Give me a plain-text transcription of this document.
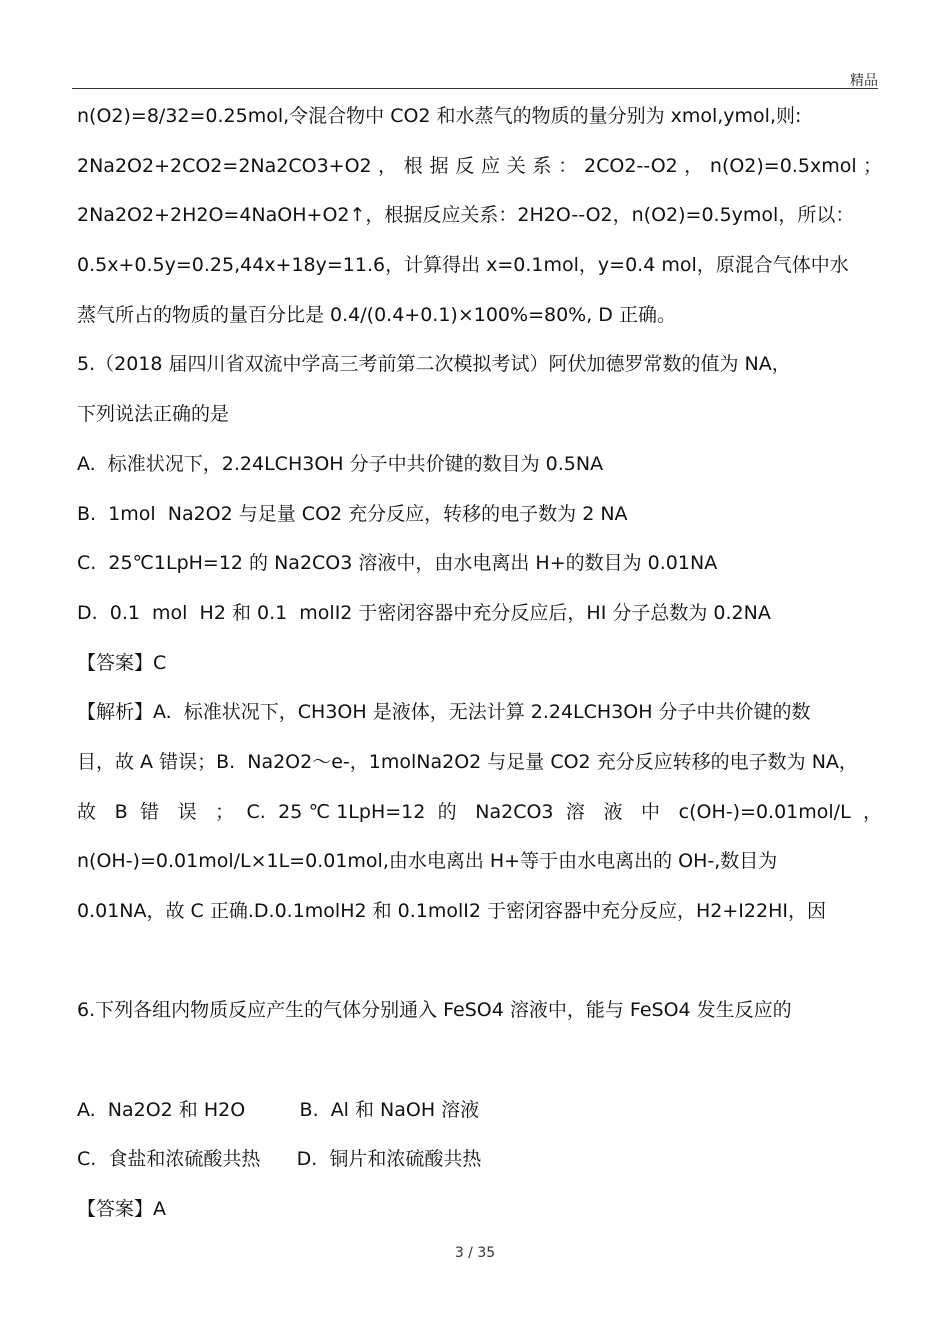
精品
n(O2)=8/32=0.25mol,令混合物中 CO2 和水蒸气的物质的量分别为 xmol,ymol,则:
2Na2O2+2CO2=2Na2CO3+O2 ， 根 据 反 应 关 系 ： 2CO2--O2 ， n(O2)=0.5xmol ；
2Na2O2+2H2O=4NaOH+O2↑，根据反应关系：2H2O--O2，n(O2)=0.5ymol，所以：
0.5x+0.5y=0.25,44x+18y=11.6，计算得出 x=0.1mol，y=0.4 mol，原混合气体中水
蒸气所占的物质的量百分比是 0.4/(0.4+0.1)×100%=80%, D 正确。
5.（2018 届四川省双流中学高三考前第二次模拟考试）阿伏加德罗常数的值为 NA，
下列说法正确的是
A.  标准状况下，2.24LCH3OH 分子中共价键的数目为 0.5NA
B.  1mol  Na2O2 与足量 CO2 充分反应，转移的电子数为 2 NA
C.  25℃1LpH=12 的 Na2CO3 溶液中，由水电离出 H+的数目为 0.01NA
D.  0.1  mol  H2 和 0.1  molI2 于密闭容器中充分反应后，HI 分子总数为 0.2NA
【答案】C
【解析】A.  标准状况下，CH3OH 是液体，无法计算 2.24LCH3OH 分子中共价键的数
目，故 A 错误；B.  Na2O2～e-，1molNa2O2 与足量 CO2 充分反应转移的电子数为 NA，
故 B 错 误 ； C. 25℃1LpH=12 的 Na2CO3 溶 液 中 c(OH-)=0.01mol/L ，
n(OH-)=0.01mol/L×1L=0.01mol,由水电离出 H+等于由水电离出的 OH-,数目为
0.01NA，故 C 正确.D.0.1molH2 和 0.1molI2 于密闭容器中充分反应，H2+I22HI，因

6.下列各组内物质反应产生的气体分别通入 FeSO4 溶液中，能与 FeSO4 发生反应的

A.  Na2O2 和 H2O         B.  Al 和 NaOH 溶液
C.  食盐和浓硫酸共热      D.  铜片和浓硫酸共热
【答案】A
3 / 35
